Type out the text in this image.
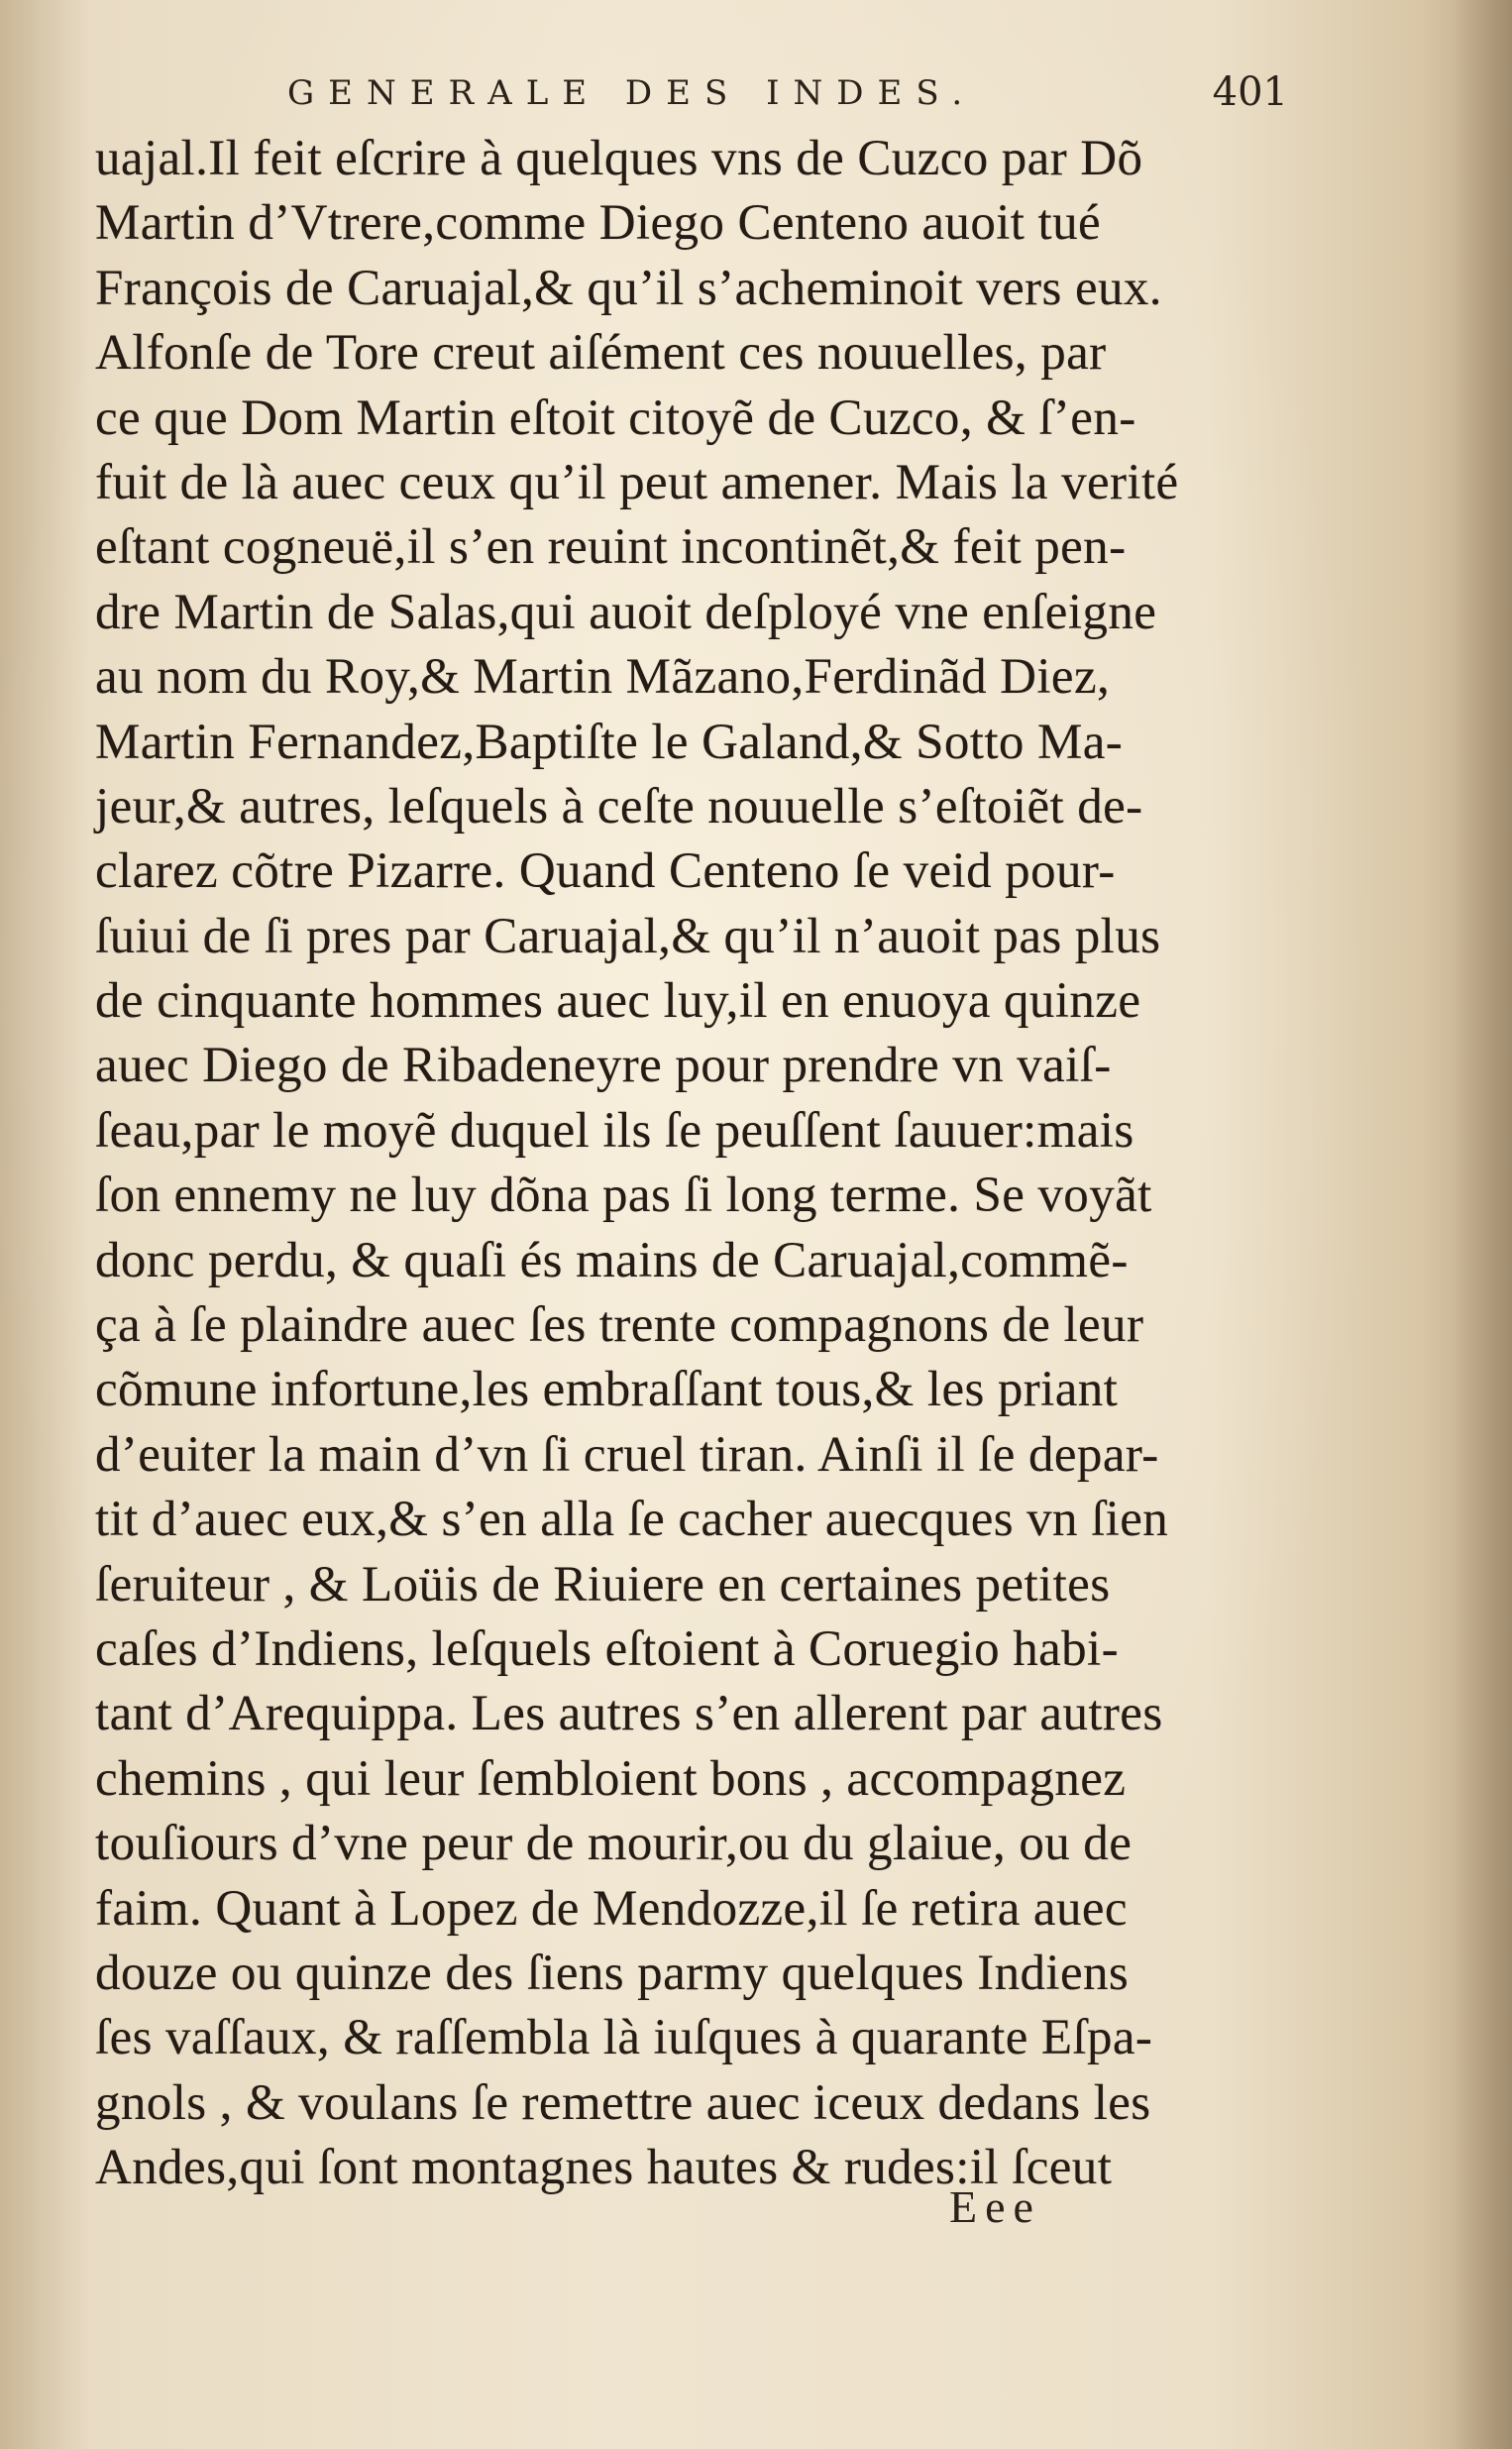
GENERALE DES INDES.	401
uajal.Il feit eſcrire à quelques vns de Cuzco par Dõ
Martin d’Vtrere,comme Diego Centeno auoit tué
François de Caruajal,& qu’il s’acheminoit vers eux.
Alfonſe de Tore creut aiſément ces nouuelles, par
ce que Dom Martin eſtoit citoyẽ de Cuzco, & ſ’en-
fuit de là auec ceux qu’il peut amener. Mais la verité
eſtant cogneuë,il s’en reuint incontinẽt,& feit pen-
dre Martin de Salas,qui auoit deſployé vne enſeigne
au nom du Roy,& Martin Mãzano,Ferdinãd Diez,
Martin Fernandez,Baptiſte le Galand,& Sotto Ma-
jeur,& autres, leſquels à ceſte nouuelle s’eſtoiẽt de-
clarez cõtre Pizarre. Quand Centeno ſe veid pour-
ſuiui de ſi pres par Caruajal,& qu’il n’auoit pas plus
de cinquante hommes auec luy,il en enuoya quinze
auec Diego de Ribadeneyre pour prendre vn vaiſ-
ſeau,par le moyẽ duquel ils ſe peuſſent ſauuer:mais
ſon ennemy ne luy dõna pas ſi long terme. Se voyãt
donc perdu, & quaſi és mains de Caruajal,commẽ-
ça à ſe plaindre auec ſes trente compagnons de leur
cõmune infortune,les embraſſant tous,& les priant
d’euiter la main d’vn ſi cruel tiran. Ainſi il ſe depar-
tit d’auec eux,& s’en alla ſe cacher auecques vn ſien
ſeruiteur , & Loüis de Riuiere en certaines petites
caſes d’Indiens, leſquels eſtoient à Coruegio habi-
tant d’Arequippa. Les autres s’en allerent par autres
chemins , qui leur ſembloient bons , accompagnez
touſiours d’vne peur de mourir,ou du glaiue, ou de
faim. Quant à Lopez de Mendozze,il ſe retira auec
douze ou quinze des ſiens parmy quelques Indiens
ſes vaſſaux, & raſſembla là iuſques à quarante Eſpa-
gnols , & voulans ſe remettre auec iceux dedans les
Andes,qui ſont montagnes hautes & rudes:il ſceut
Eee
